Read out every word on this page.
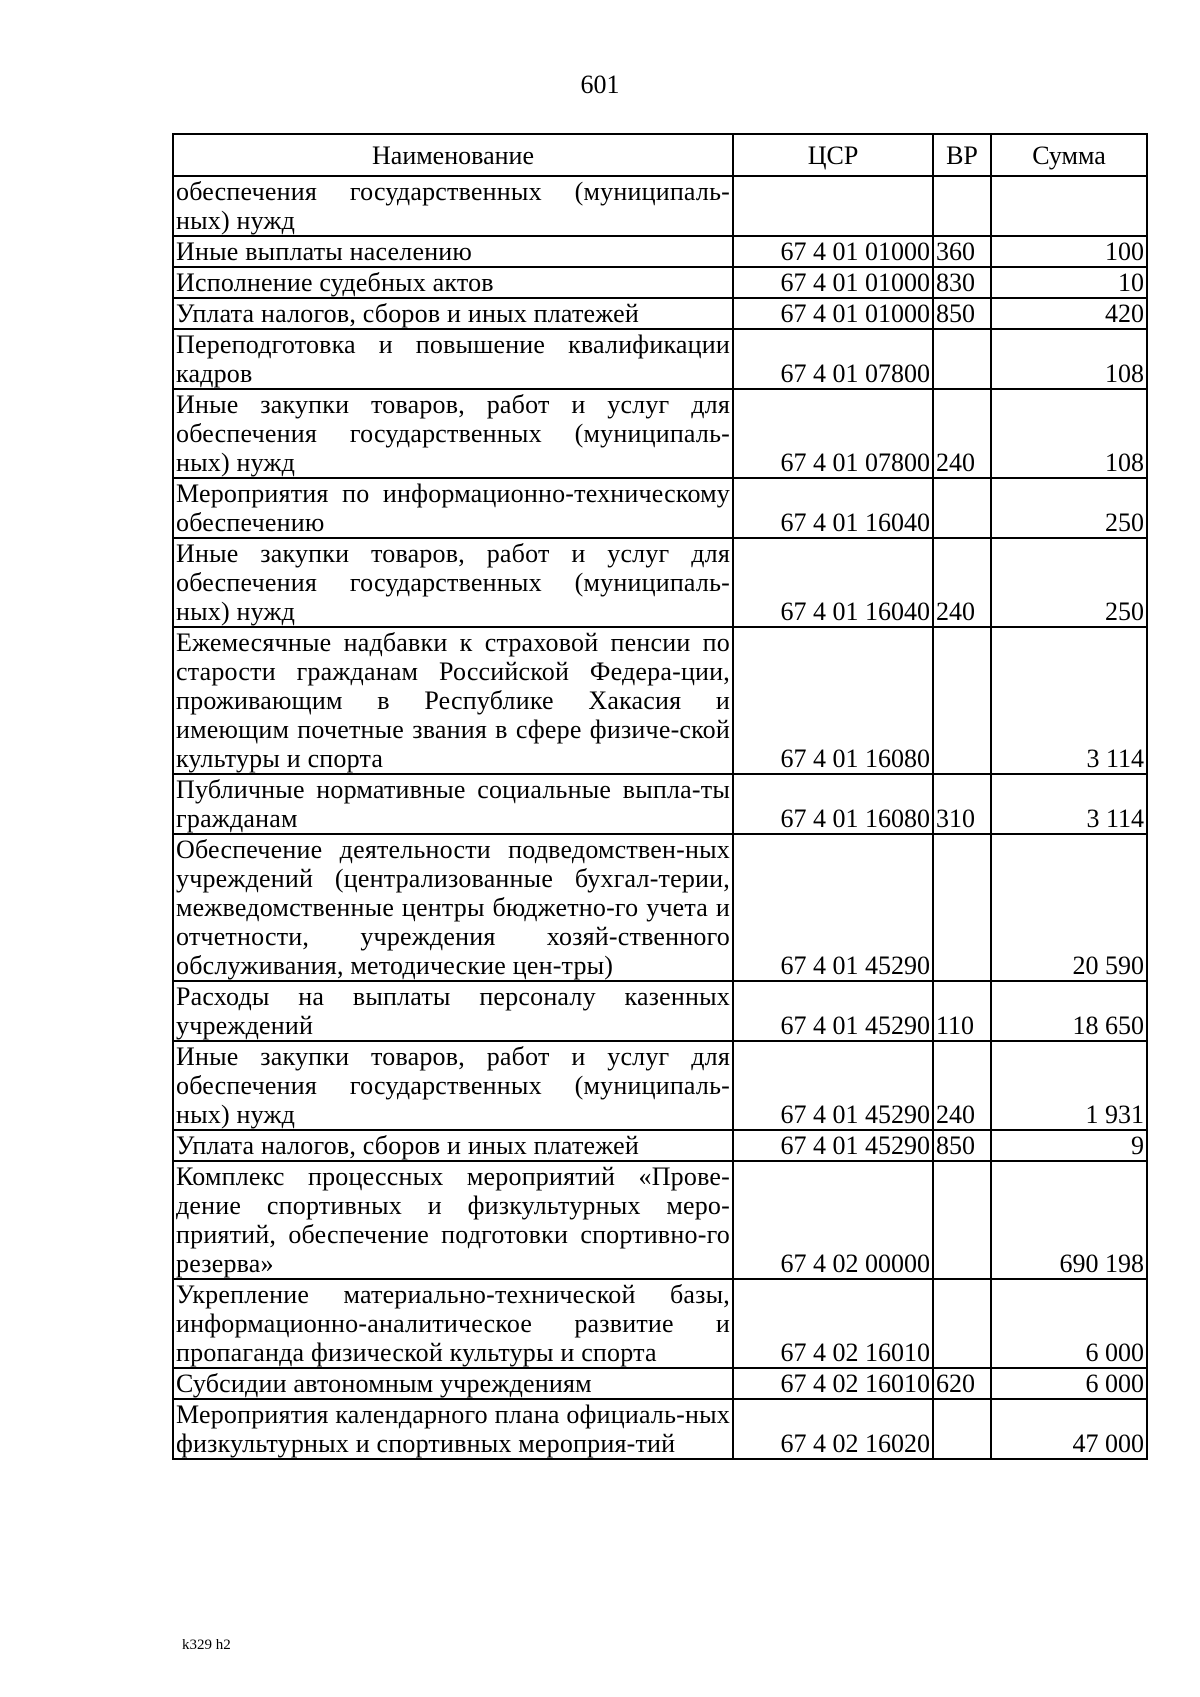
601
Наименование	ЦСР	ВР	Сумма
обеспечения государственных (муниципаль-ных) нужд			
Иные выплаты населению	67 4 01 01000	360	100
Исполнение судебных актов	67 4 01 01000	830	10
Уплата налогов, сборов и иных платежей	67 4 01 01000	850	420
Переподготовка и повышение квалификации кадров	67 4 01 07800		108
Иные закупки товаров, работ и услуг для обеспечения государственных (муниципаль-ных) нужд	67 4 01 07800	240	108
Мероприятия по информационно-техническому обеспечению	67 4 01 16040		250
Иные закупки товаров, работ и услуг для обеспечения государственных (муниципаль-ных) нужд	67 4 01 16040	240	250
Ежемесячные надбавки к страховой пенсии по старости гражданам Российской Федера-ции, проживающим в Республике Хакасия и имеющим почетные звания в сфере физиче-ской культуры и спорта	67 4 01 16080		3 114
Публичные нормативные социальные выпла-ты гражданам	67 4 01 16080	310	3 114
Обеспечение деятельности подведомствен-ных учреждений (централизованные бухгал-терии, межведомственные центры бюджетно-го учета и отчетности, учреждения хозяй-ственного обслуживания, методические цен-тры)	67 4 01 45290		20 590
Расходы на выплаты персоналу казенных учреждений	67 4 01 45290	110	18 650
Иные закупки товаров, работ и услуг для обеспечения государственных (муниципаль-ных) нужд	67 4 01 45290	240	1 931
Уплата налогов, сборов и иных платежей	67 4 01 45290	850	9
Комплекс процессных мероприятий «Прове-дение спортивных и физкультурных меро-приятий, обеспечение подготовки спортивно-го резерва»	67 4 02 00000		690 198
Укрепление материально-технической базы, информационно-аналитическое развитие и пропаганда физической культуры и спорта	67 4 02 16010		6 000
Субсидии автономным учреждениям	67 4 02 16010	620	6 000
Мероприятия календарного плана официаль-ных физкультурных и спортивных мероприя-тий	67 4 02 16020		47 000
k329 h2
